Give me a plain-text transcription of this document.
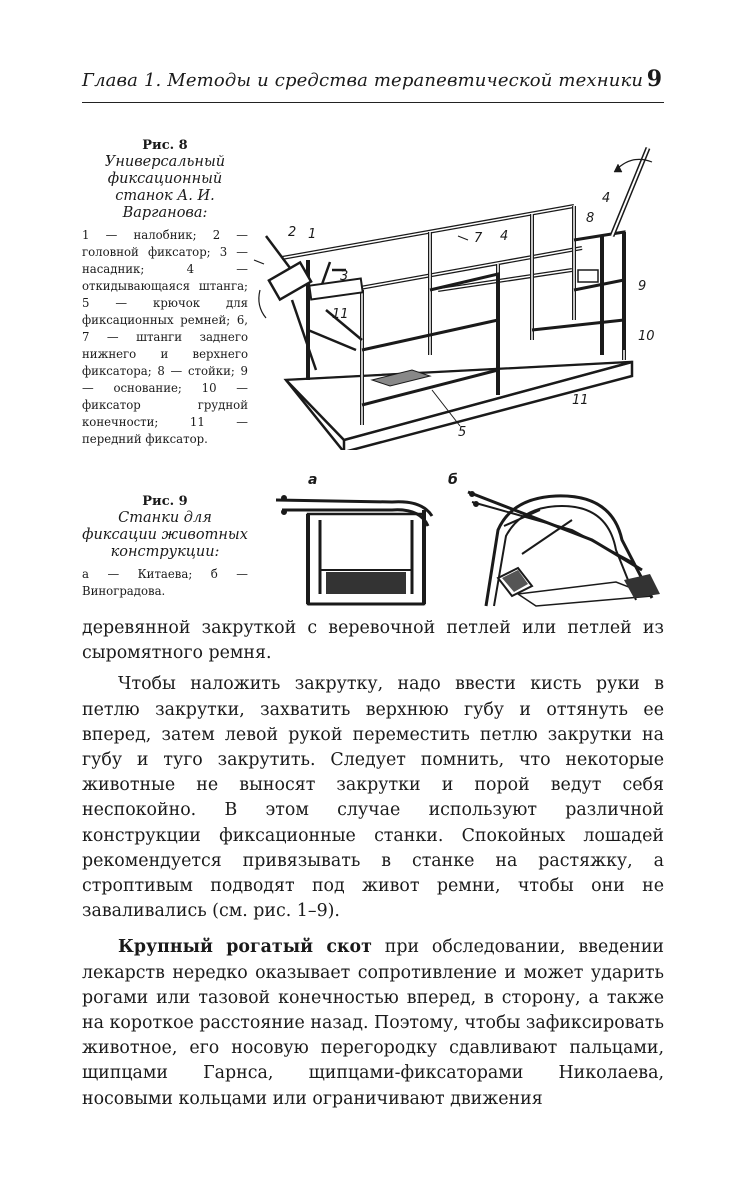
Глава 1. Методы и средства терапевтической техники 9
Рис. 8
Универсальный фиксационный станок А. И. Варганова:
1 — налобник; 2 — головной фиксатор; 3 — насадник; 4 — откидывающаяся штанга; 5 — крючок для фиксационных ремней; 6, 7 — штанги заднего нижнего и верхнего фиксатора; 8 — стойки; 9 — основание; 10 — фиксатор грудной конечности; 11 — передний фиксатор.
2 1
3
11
7 4
8
4
9
10
11
5
Рис. 9
Станки для фиксации животных конструкции:
а — Китаева; б — Виноградова.
а	б

деревянной закруткой с веревочной петлей или петлей из сыромятного ремня.

Чтобы наложить закрутку, надо ввести кисть руки в петлю закрутки, захватить верхнюю губу и оттянуть ее вперед, затем левой рукой переместить петлю закрутки на губу и туго закрутить. Следует помнить, что некоторые животные не выносят закрутки и порой ведут себя неспокойно. В этом случае используют различной конструкции фиксационные станки. Спокойных лошадей рекомендуется привязывать в станке на растяжку, а строптивым подводят под живот ремни, чтобы они не заваливались (см. рис. 1–9).

Крупный рогатый скот при обследовании, введении лекарств нередко оказывает сопротивление и может ударить рогами или тазовой конечностью вперед, в сторону, а также на короткое расстояние назад. Поэтому, чтобы зафиксировать животное, его носовую перегородку сдавливают пальцами, щипцами Гарнса, щипцами-фиксаторами Николаева, носовыми кольцами или ограничивают движения
